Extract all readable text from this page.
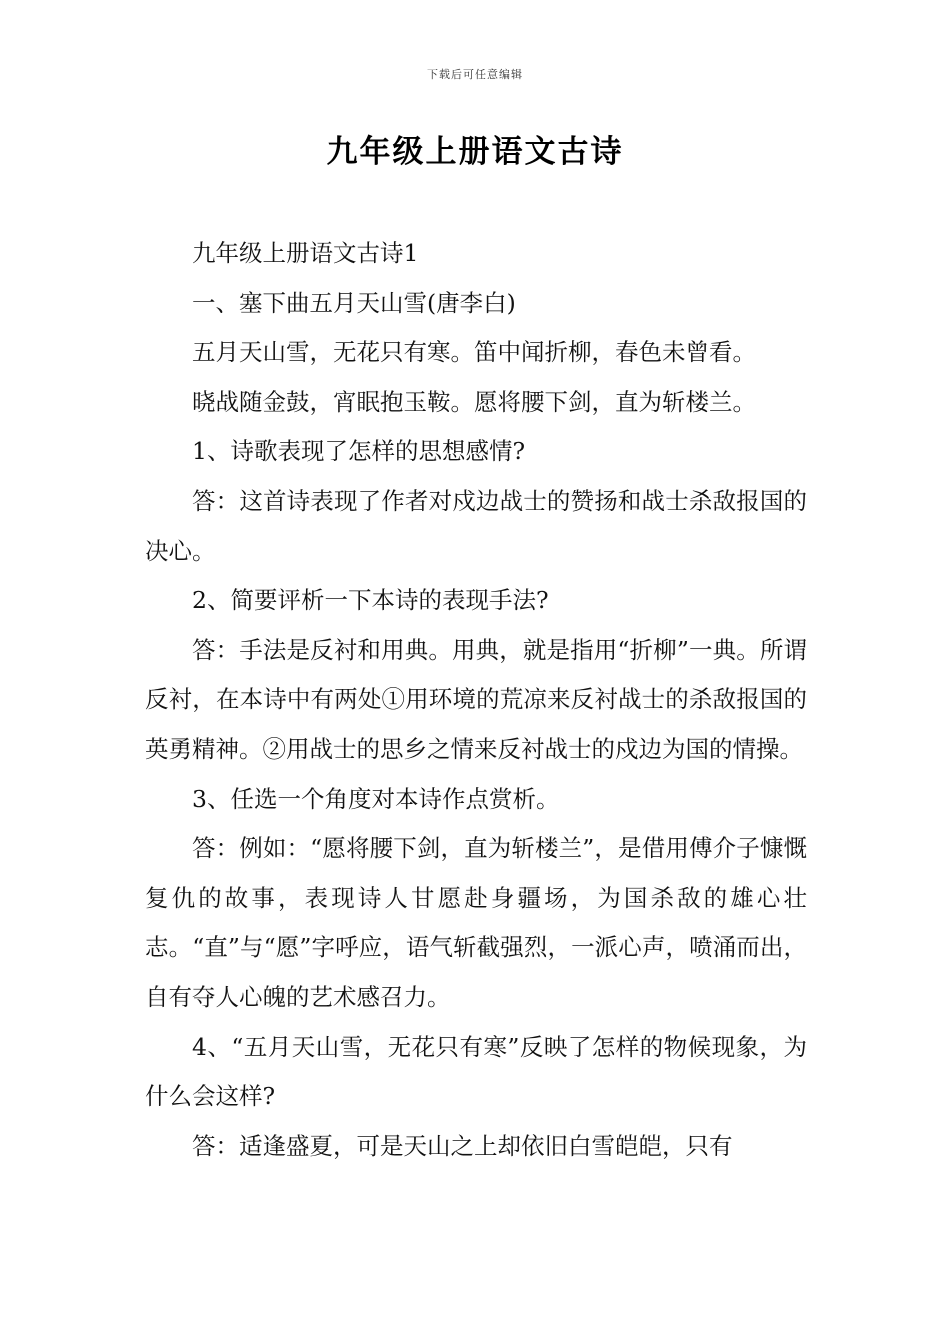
下载后可任意编辑
九年级上册语文古诗

九年级上册语文古诗1

一、塞下曲五月天山雪(唐李白)

五月天山雪，无花只有寒。笛中闻折柳，春色未曾看。

晓战随金鼓，宵眠抱玉鞍。愿将腰下剑，直为斩楼兰。

1、诗歌表现了怎样的思想感情?

答：这首诗表现了作者对戍边战士的赞扬和战士杀敌报国的决心。

2、简要评析一下本诗的表现手法?

答：手法是反衬和用典。用典，就是指用“折柳”一典。所谓反衬，在本诗中有两处①用环境的荒凉来反衬战士的杀敌报国的英勇精神。②用战士的思乡之情来反衬战士的戍边为国的情操。

3、任选一个角度对本诗作点赏析。

答：例如：“愿将腰下剑，直为斩楼兰”，是借用傅介子慷慨复仇的故事，表现诗人甘愿赴身疆场，为国杀敌的雄心壮志。“直”与“愿”字呼应，语气斩截强烈，一派心声，喷涌而出，自有夺人心魄的艺术感召力。

4、“五月天山雪，无花只有寒”反映了怎样的物候现象，为什么会这样?

答：适逢盛夏，可是天山之上却依旧白雪皑皑，只有
